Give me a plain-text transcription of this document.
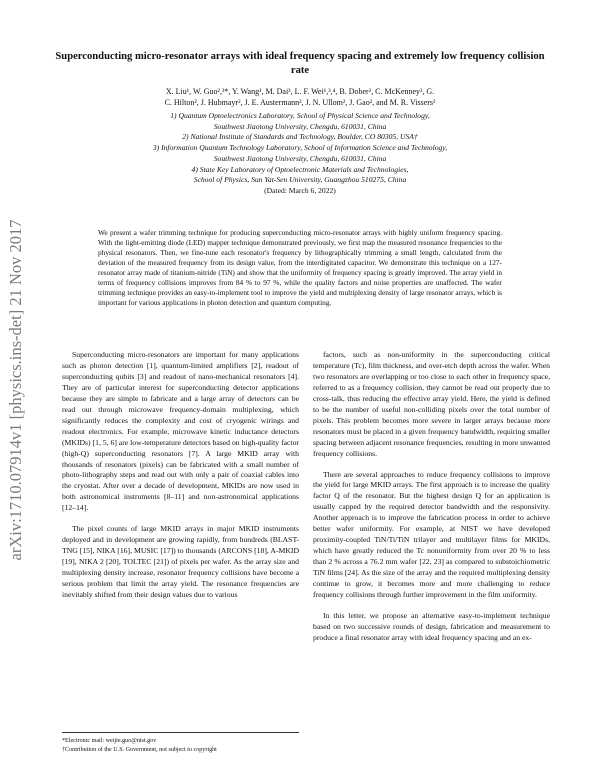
arXiv:1710.07914v1 [physics.ins-det] 21 Nov 2017
Superconducting micro-resonator arrays with ideal frequency spacing and extremely low frequency collision rate
X. Liu¹, W. Guo²,³*, Y. Wang¹, M. Dai³, L. F. Wei¹,³,⁴, B. Dober², C. McKenney², G.
C. Hilton², J. Hubmayr², J. E. Austermann², J. N. Ullom², J. Gao², and M. R. Vissers²
1) Quantum Optoelectronics Laboratory, School of Physical Science and Technology,
Southwest Jiaotong University, Chengdu, 610031, China
2) National Institute of Standards and Technology, Boulder, CO 80305, USA†
3) Information Quantum Technology Laboratory, School of Information Science and Technology,
Southwest Jiaotong University, Chengdu, 610031, China
4) State Key Laboratory of Optoelectronic Materials and Technologies,
School of Physics, Sun Yat-Sen University, Guangzhou 510275, China
(Dated: March 6, 2022)
We present a wafer trimming technique for producing superconducting micro-resonator arrays with highly uniform frequency spacing. With the light-emitting diode (LED) mapper technique demonstrated previously, we first map the measured resonance frequencies to the physical resonators. Then, we fine-tune each resonator's frequency by lithographically trimming a small length, calculated from the deviation of the measured frequency from its design value, from the interdigitated capacitor. We demonstrate this technique on a 127-resonator array made of titanium-nitride (TiN) and show that the uniformity of frequency spacing is greatly improved. The array yield in terms of frequency collisions improves from 84 % to 97 %, while the quality factors and noise properties are unaffected. The wafer trimming technique provides an easy-to-implement tool to improve the yield and multiplexing density of large resonator arrays, which is important for various applications in photon detection and quantum computing.

Superconducting micro-resonators are important for many applications such as photon detection [1], quantum-limited amplifiers [2], readout of superconducting qubits [3] and readout of nano-mechanical resonators [4]. They are of particular interest for superconducting detector applications because they are simple to fabricate and a large array of detectors can be read out through microwave frequency-domain multiplexing, which significantly reduces the complexity and cost of cryogenic wirings and readout electronics. For example, microwave kinetic inductance detectors (MKIDs) [1, 5, 6] are low-temperature detectors based on high-quality factor (high-Q) superconducting resonators [7]. A large MKID array with thousands of resonators (pixels) can be fabricated with a small number of photo-lithography steps and read out with only a pair of coaxial cables into the cryostat. After over a decade of development, MKIDs are now used in both astronomical instruments [8–11] and non-astronomical applications [12–14].

The pixel counts of large MKID arrays in major MKID instruments deployed and in development are growing rapidly, from hundreds (BLAST-TNG [15], NIKA [16], MUSIC [17]) to thousands (ARCONS [18], A-MKID [19], NIKA 2 [20], TOLTEC [21]) of pixels per wafer. As the array size and multiplexing density increase, resonator frequency collisions have become a serious problem that limit the array yield. The resonance frequencies are inevitably shifted from their design values due to various

factors, such as non-uniformity in the superconducting critical temperature (Tc), film thickness, and over-etch depth across the wafer. When two resonators are overlapping or too close to each other in frequency space, referred to as a frequency collision, they cannot be read out properly due to cross-talk, thus reducing the effective array yield. Here, the yield is defined to be the number of useful non-colliding pixels over the total number of pixels. This problem becomes more severe in larger arrays because more resonators must be placed in a given frequency bandwidth, requiring smaller spacing between adjacent resonance frequencies, resulting in more unwanted frequency collisions.

There are several approaches to reduce frequency collisions to improve the yield for large MKID arrays. The first approach is to increase the quality factor Q of the resonator. But the highest design Q for an application is usually capped by the required detector bandwidth and the responsivity. Another approach is to improve the fabrication process in order to achieve better wafer uniformity. For example, at NIST we have developed proximity-coupled TiN/Ti/TiN trilayer and multilayer films for MKIDs, which have greatly reduced the Tc nonuniformity from over 20 % to less than 2 % across a 76.2 mm wafer [22, 23] as compared to substoichiometric TiN films [24]. As the size of the array and the required multiplexing density continue to grow, it becomes more and more challenging to reduce frequency collisions through further improvement in the film uniformity.

In this letter, we propose an alternative easy-to-implement technique based on two successive rounds of design, fabrication and measurement to produce a final resonator array with ideal frequency spacing and an ex-

*Electronic mail: weijie.guo@nist.gov
†Contribution of the U.S. Government, not subject to copyright
